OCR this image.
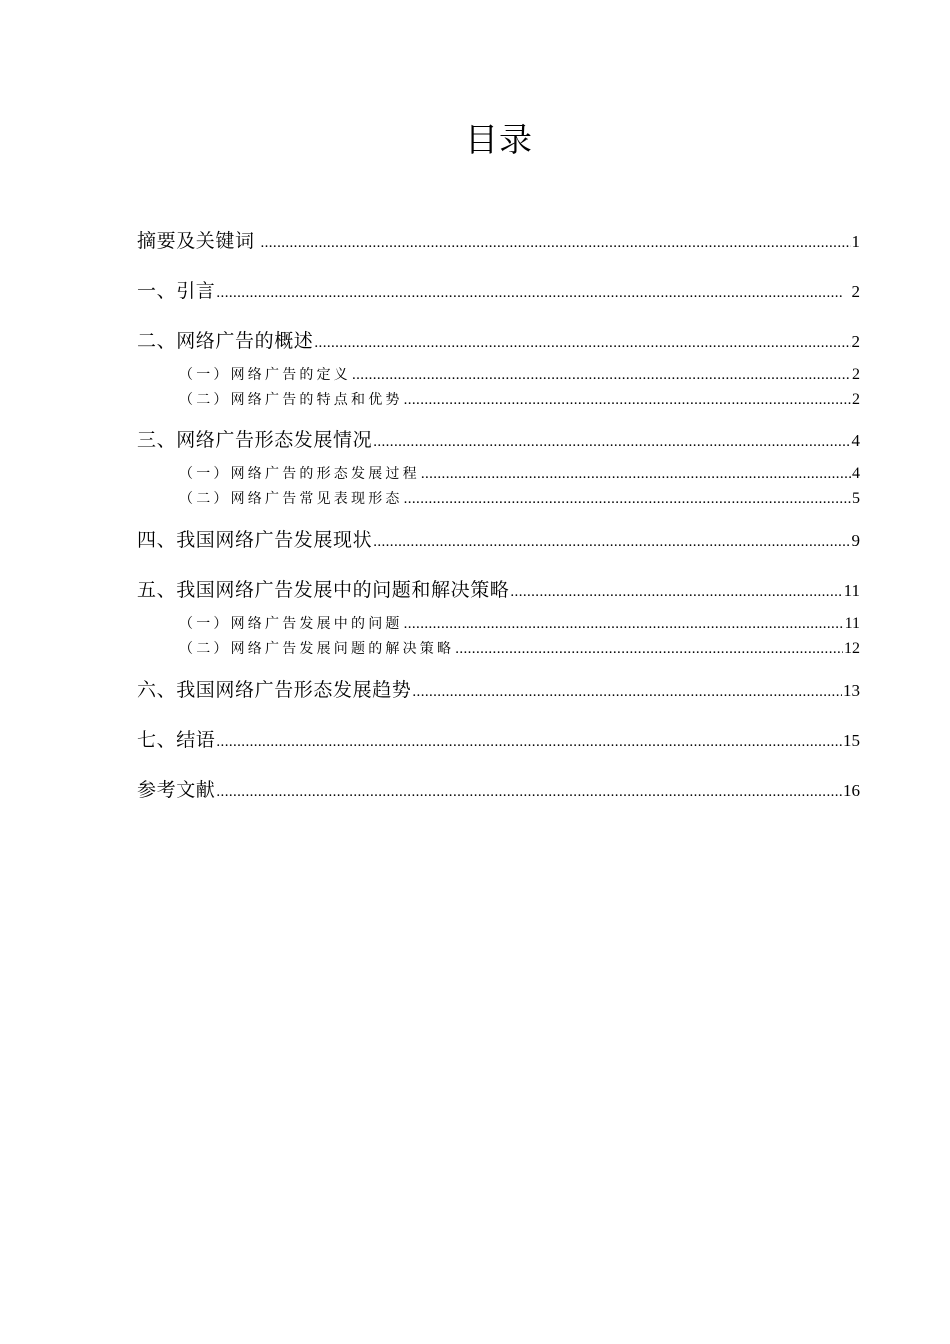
目录
摘要及关键词 .....	1
一、引言 .....	2
二、网络广告的概述 .....	2
（一）网络广告的定义 .....	2
（二）网络广告的特点和优势 .....	2
三、网络广告形态发展情况 .....	4
（一）网络广告的形态发展过程 .....	4
（二）网络广告常见表现形态 .....	5
四、我国网络广告发展现状 .....	9
五、我国网络广告发展中的问题和解决策略 .....	11
（一）网络广告发展中的问题 .....	11
（二）网络广告发展问题的解决策略 .....	12
六、我国网络广告形态发展趋势 .....	13
七、结语 .....	15
参考文献 .....	16
